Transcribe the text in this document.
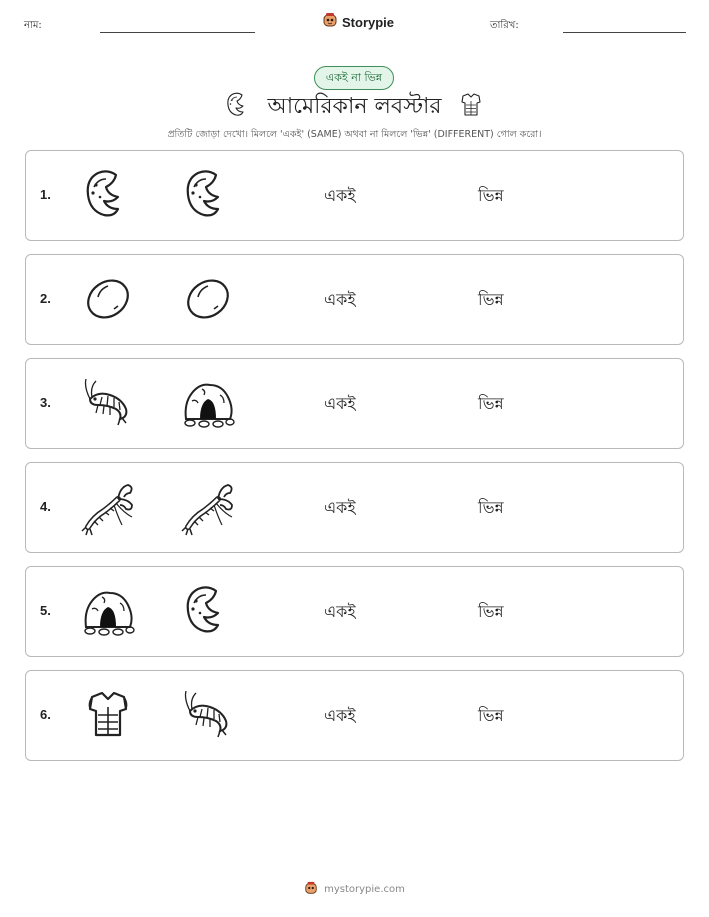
নাম:	Storypie	তারিখ:
একই না ভিন্ন
আমেরিকান লবস্টার
প্রতিটি জোড়া দেখো। মিললে 'একই' (SAME) অথবা না মিললে 'ভিন্ন' (DIFFERENT) গোল করো।
1.	একই	ভিন্ন
2.	একই	ভিন্ন
3.	একই	ভিন্ন
4.	একই	ভিন্ন
5.	একই	ভিন্ন
6.	একই	ভিন্ন
mystorypie.com
